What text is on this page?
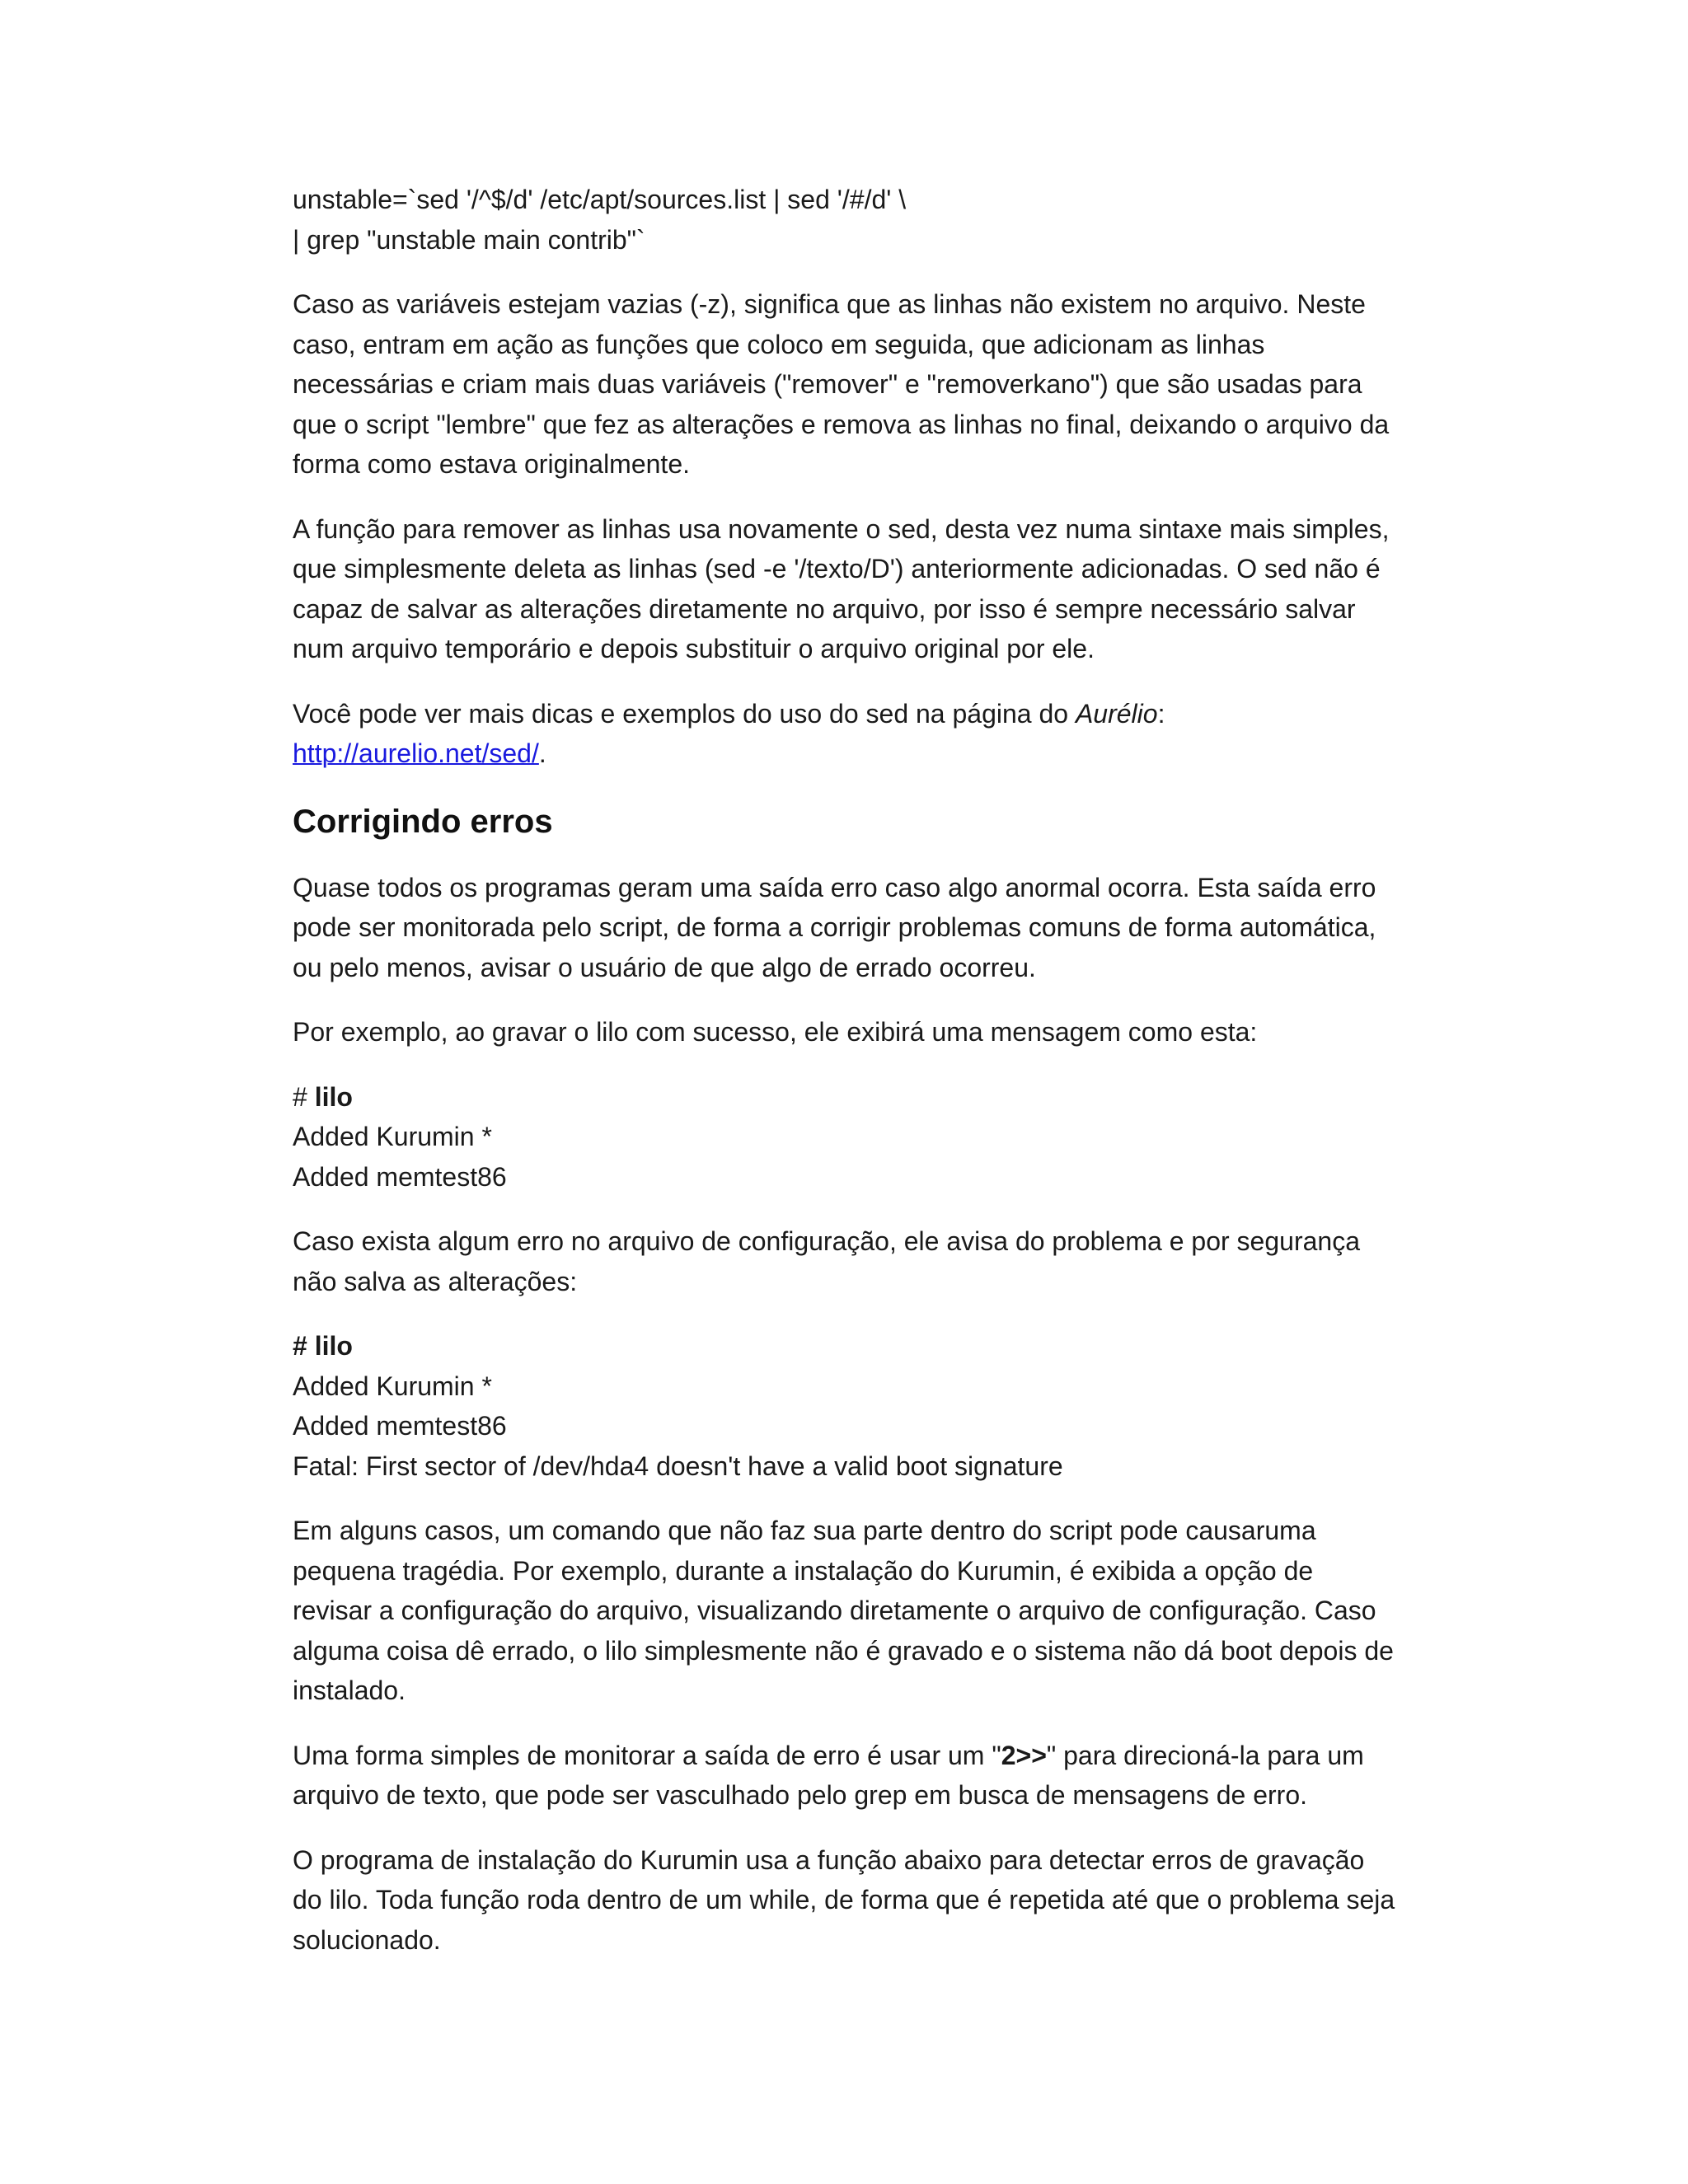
unstable=`sed '/^$/d' /etc/apt/sources.list | sed '/#/d' \
| grep "unstable main contrib"`

Caso as variáveis estejam vazias (-z), significa que as linhas não existem no arquivo. Neste caso, entram em ação as funções que coloco em seguida, que adicionam as linhas necessárias e criam mais duas variáveis ("remover" e "removerkano") que são usadas para que o script "lembre" que fez as alterações e remova as linhas no final, deixando o arquivo da forma como estava originalmente.

A função para remover as linhas usa novamente o sed, desta vez numa sintaxe mais simples, que simplesmente deleta as linhas (sed -e '/texto/D') anteriormente adicionadas. O sed não é capaz de salvar as alterações diretamente no arquivo, por isso é sempre necessário salvar num arquivo temporário e depois substituir o arquivo original por ele.

Você pode ver mais dicas e exemplos do uso do sed na página do Aurélio:
http://aurelio.net/sed/.

Corrigindo erros

Quase todos os programas geram uma saída erro caso algo anormal ocorra. Esta saída erro pode ser monitorada pelo script, de forma a corrigir problemas comuns de forma automática, ou pelo menos, avisar o usuário de que algo de errado ocorreu.

Por exemplo, ao gravar o lilo com sucesso, ele exibirá uma mensagem como esta:

# lilo
Added Kurumin *
Added memtest86

Caso exista algum erro no arquivo de configuração, ele avisa do problema e por segurança não salva as alterações:

# lilo
Added Kurumin *
Added memtest86
Fatal: First sector of /dev/hda4 doesn't have a valid boot signature

Em alguns casos, um comando que não faz sua parte dentro do script pode causaruma pequena tragédia. Por exemplo, durante a instalação do Kurumin, é exibida a opção de revisar a configuração do arquivo, visualizando diretamente o arquivo de configuração. Caso alguma coisa dê errado, o lilo simplesmente não é gravado e o sistema não dá boot depois de instalado.

Uma forma simples de monitorar a saída de erro é usar um "2>>" para direcioná-la para um arquivo de texto, que pode ser vasculhado pelo grep em busca de mensagens de erro.

O programa de instalação do Kurumin usa a função abaixo para detectar erros de gravação do lilo. Toda função roda dentro de um while, de forma que é repetida até que o problema seja solucionado.
